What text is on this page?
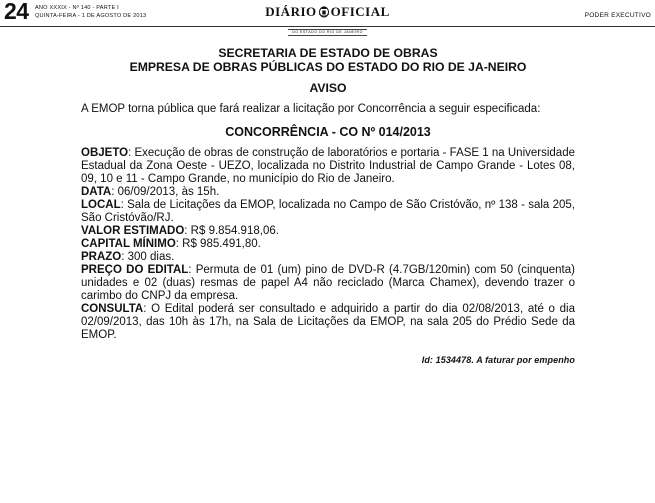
24 ANO XXXIX - Nº 140 - PARTE I
QUINTA-FEIRA - 1 DE AGOSTO DE 2013	DIÁRIO OFICIAL
DO ESTADO DO RIO DE JANEIRO
PODER EXECUTIVO

SECRETARIA DE ESTADO DE OBRAS

EMPRESA DE OBRAS PÚBLICAS DO ESTADO DO RIO DE JA-NEIRO

AVISO

A EMOP torna pública que fará realizar a licitação por Concorrência a seguir especificada:

CONCORRÊNCIA - CO Nº 014/2013

OBJETO: Execução de obras de construção de laboratórios e portaria - FASE 1 na Universidade Estadual da Zona Oeste - UEZO, localizada no Distrito Industrial de Campo Grande - Lotes 08, 09, 10 e 11 - Campo Grande, no município do Rio de Janeiro.

DATA: 06/09/2013, às 15h.

LOCAL: Sala de Licitações da EMOP, localizada no Campo de São Cristóvão, nº 138 - sala 205, São Cristóvão/RJ.

VALOR ESTIMADO: R$ 9.854.918,06.

CAPITAL MÍNIMO: R$ 985.491,80.

PRAZO: 300 dias.

PREÇO DO EDITAL: Permuta de 01 (um) pino de DVD-R (4.7GB/120min) com 50 (cinquenta) unidades e 02 (duas) resmas de papel A4 não reciclado (Marca Chamex), devendo trazer o carimbo do CNPJ da empresa.

CONSULTA: O Edital poderá ser consultado e adquirido a partir do dia 02/08/2013, até o dia 02/09/2013, das 10h às 17h, na Sala de Licitações da EMOP, na sala 205 do Prédio Sede da EMOP.

Id: 1534478. A faturar por empenho
